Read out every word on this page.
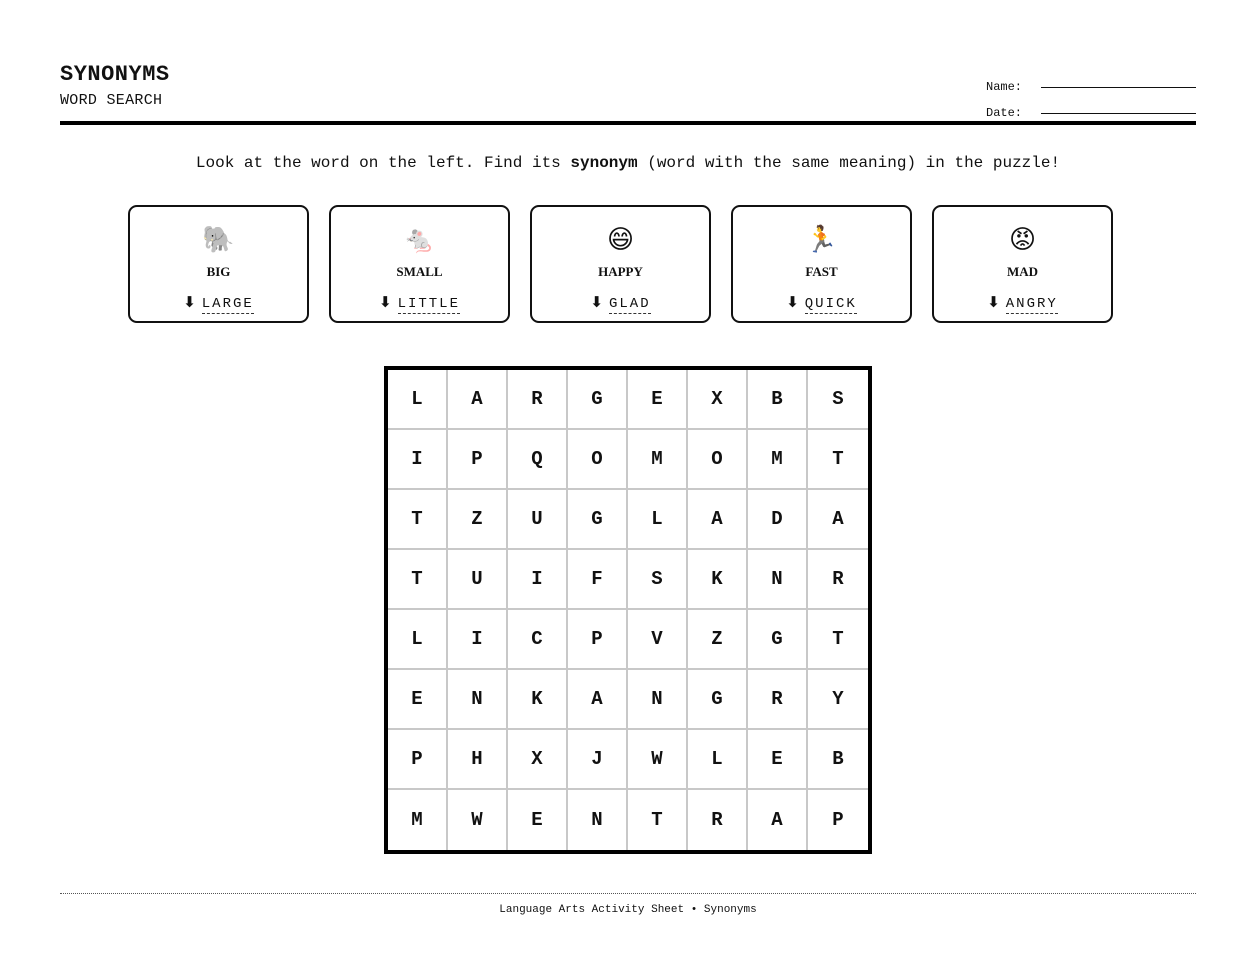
SYNONYMS
WORD SEARCH
Name:
Date:
Look at the word on the left. Find its synonym (word with the same meaning) in the puzzle!
🐘
BIG
⬇ LARGE
🐁
SMALL
⬇ LITTLE
😄
HAPPY
⬇ GLAD
🏃
FAST
⬇ QUICK
😡
MAD
⬇ ANGRY
L	A	R	G	E	X	B	S
I	P	Q	O	M	O	M	T
T	Z	U	G	L	A	D	A
T	U	I	F	S	K	N	R
L	I	C	P	V	Z	G	T
E	N	K	A	N	G	R	Y
P	H	X	J	W	L	E	B
M	W	E	N	T	R	A	P
Language Arts Activity Sheet • Synonyms
